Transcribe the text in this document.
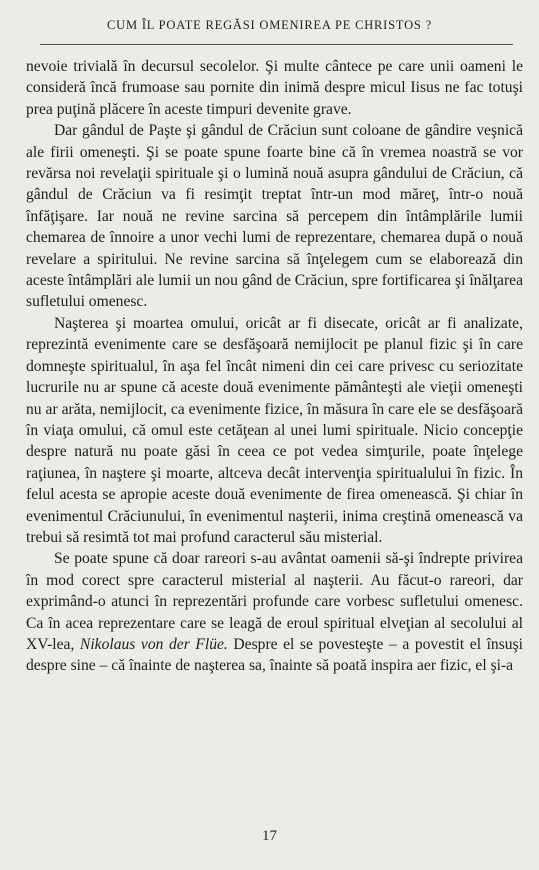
CUM ÎL POATE REGĂSI OMENIREA PE CHRISTOS ?

nevoie trivială în decursul secolelor. Şi multe cântece pe care unii oameni le consideră încă frumoase sau pornite din inimă despre micul Iisus ne fac totuşi prea puţină plăcere în aceste timpuri devenite grave.

Dar gândul de Paşte şi gândul de Crăciun sunt coloane de gândire veşnică ale firii omeneşti. Şi se poate spune foarte bine că în vremea noastră se vor revărsa noi revelaţii spirituale şi o lumină nouă asupra gândului de Crăciun, că gândul de Crăciun va fi resimţit treptat într-un mod măreţ, într-o nouă înfăţişare. Iar nouă ne revine sarcina să percepem din întâmplările lumii chemarea de înnoire a unor vechi lumi de reprezentare, chemarea după o nouă revelare a spiritului. Ne revine sarcina să înţelegem cum se elaborează din aceste întâmplări ale lumii un nou gând de Crăciun, spre fortificarea şi înălţarea sufletului omenesc.

Naşterea şi moartea omului, oricât ar fi disecate, oricât ar fi analizate, reprezintă evenimente care se desfăşoară nemijlocit pe planul fizic şi în care domneşte spiritualul, în aşa fel încât nimeni din cei care privesc cu seriozitate lucrurile nu ar spune că aceste două evenimente pământeşti ale vieţii omeneşti nu ar arăta, nemijlocit, ca evenimente fizice, în măsura în care ele se desfăşoară în viaţa omului, că omul este cetăţean al unei lumi spirituale. Nicio concepţie despre natură nu poate găsi în ceea ce pot vedea simţurile, poate înţelege raţiunea, în naştere şi moarte, altceva decât intervenţia spiritualului în fizic. În felul acesta se apropie aceste două evenimente de firea omenească. Şi chiar în evenimentul Crăciunului, în evenimentul naşterii, inima creştină omenească va trebui să resimtă tot mai profund caracterul său misterial.

Se poate spune că doar rareori s-au avântat oamenii să-şi îndrepte privirea în mod corect spre caracterul misterial al naşterii. Au făcut-o rareori, dar exprimând-o atunci în reprezentări profunde care vorbesc sufletului omenesc. Ca în acea reprezentare care se leagă de eroul spiritual elveţian al secolului al XV-lea, Nikolaus von der Flüe. Despre el se povesteşte – a povestit el însuşi despre sine – că înainte de naşterea sa, înainte să poată inspira aer fizic, el şi-a

17
